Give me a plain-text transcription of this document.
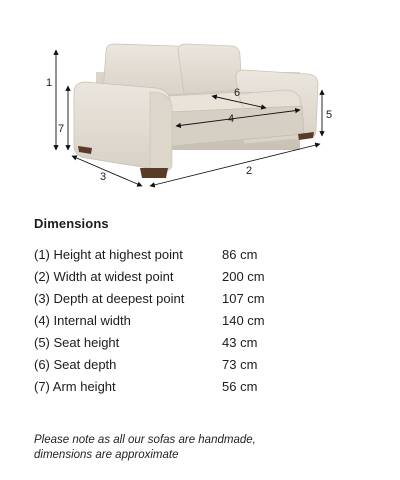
1
7
3	2
5
4
6
Dimensions
(1) Height at highest point	86 cm
(2) Width at widest point	200 cm
(3) Depth at deepest point	107 cm
(4) Internal width	140 cm
(5) Seat height	43 cm
(6) Seat depth	73 cm
(7) Arm height	56 cm
Please note as all our sofas are handmade,
dimensions are approximate
